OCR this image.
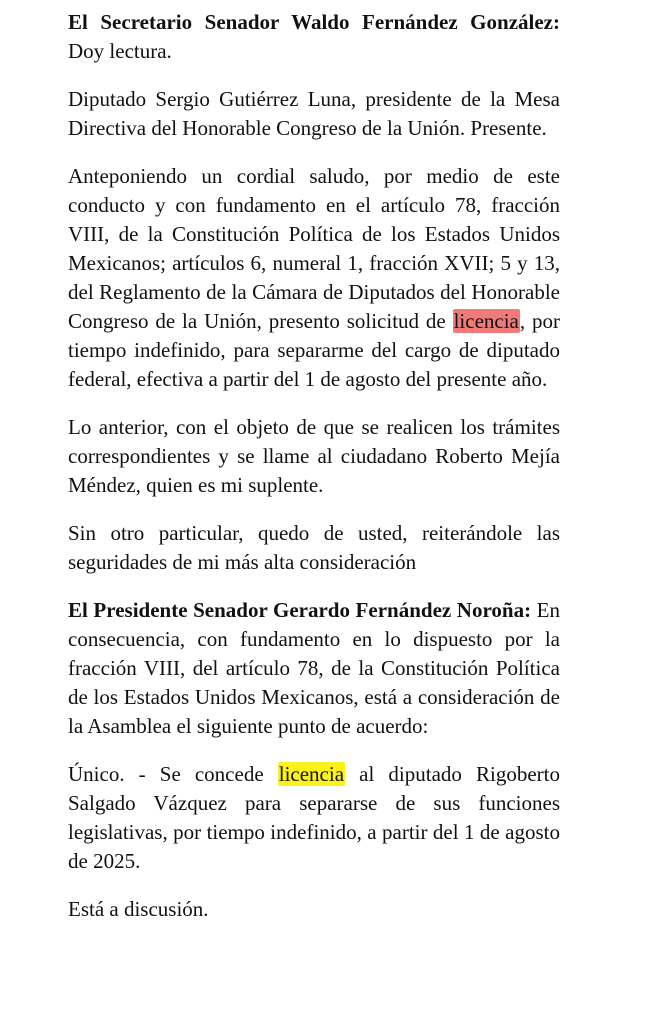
El Secretario Senador Waldo Fernández González: Doy lectura.

Diputado Sergio Gutiérrez Luna, presidente de la Mesa Directiva del Honorable Congreso de la Unión. Presente.

Anteponiendo un cordial saludo, por medio de este conducto y con fundamento en el artículo 78, fracción VIII, de la Constitución Política de los Estados Unidos Mexicanos; artículos 6, numeral 1, fracción XVII; 5 y 13, del Reglamento de la Cámara de Diputados del Honorable Congreso de la Unión, presento solicitud de licencia, por tiempo indefinido, para separarme del cargo de diputado federal, efectiva a partir del 1 de agosto del presente año.

Lo anterior, con el objeto de que se realicen los trámites correspondientes y se llame al ciudadano Roberto Mejía Méndez, quien es mi suplente.

Sin otro particular, quedo de usted, reiterándole las seguridades de mi más alta consideración

El Presidente Senador Gerardo Fernández Noroña: En consecuencia, con fundamento en lo dispuesto por la fracción VIII, del artículo 78, de la Constitución Política de los Estados Unidos Mexicanos, está a consideración de la Asamblea el siguiente punto de acuerdo:

Único. - Se concede licencia al diputado Rigoberto Salgado Vázquez para separarse de sus funciones legislativas, por tiempo indefinido, a partir del 1 de agosto de 2025.

Está a discusión.
